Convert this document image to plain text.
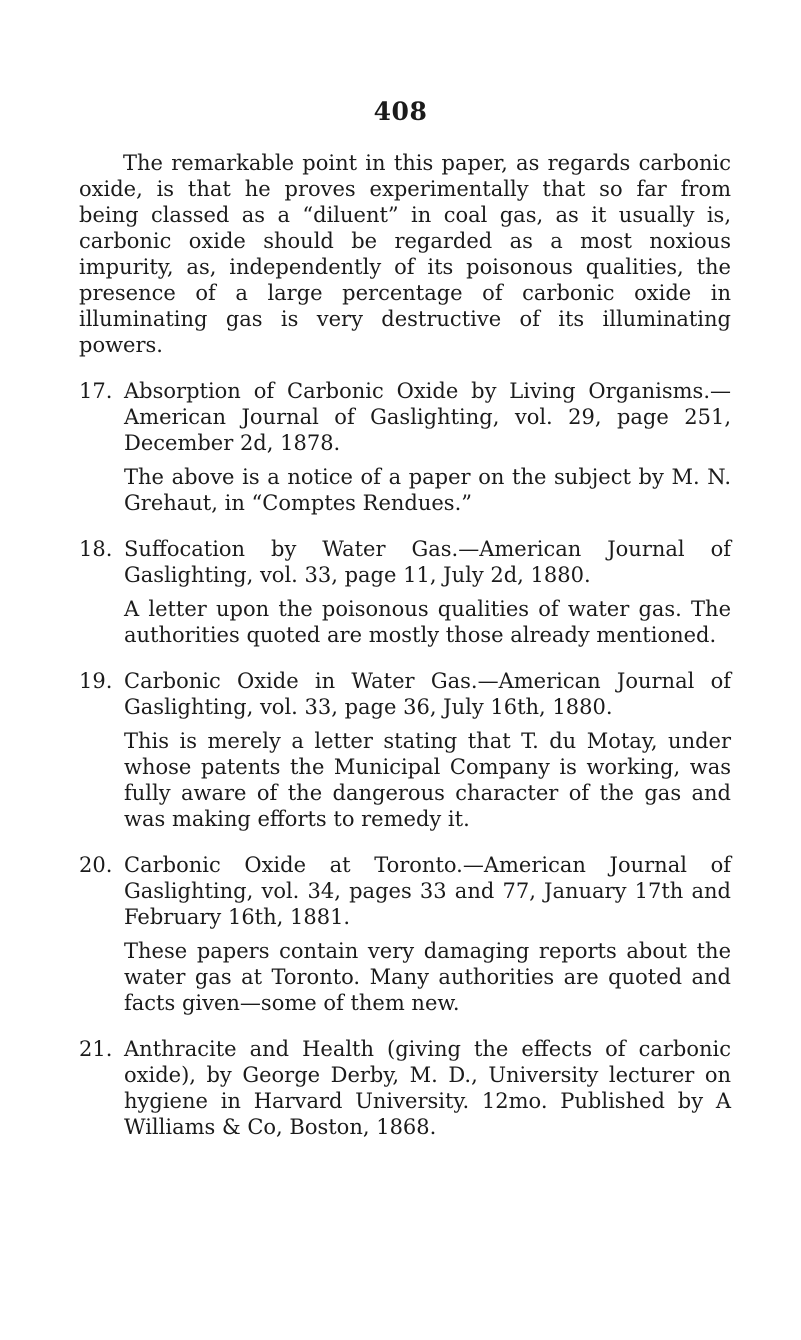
408

The remarkable point in this paper, as regards carbonic oxide, is that he proves experimentally that so far from being classed as a “diluent” in coal gas, as it usually is, carbonic oxide should be regarded as a most noxious impurity, as, independently of its poisonous qualities, the presence of a large percentage of carbonic oxide in illuminating gas is very destructive of its illuminating powers.

17. Absorption of Carbonic Oxide by Living Organisms.—American Journal of Gaslighting, vol. 29, page 251, December 2d, 1878.

The above is a notice of a paper on the subject by M. N. Grehaut, in “Comptes Rendues.”

18. Suffocation by Water Gas.—American Journal of Gaslighting, vol. 33, page 11, July 2d, 1880.

A letter upon the poisonous qualities of water gas. The authorities quoted are mostly those already mentioned.

19. Carbonic Oxide in Water Gas.—American Journal of Gaslighting, vol. 33, page 36, July 16th, 1880.

This is merely a letter stating that T. du Motay, under whose patents the Municipal Company is working, was fully aware of the dangerous character of the gas and was making efforts to remedy it.

20. Carbonic Oxide at Toronto.—American Journal of Gaslighting, vol. 34, pages 33 and 77, January 17th and February 16th, 1881.

These papers contain very damaging reports about the water gas at Toronto. Many authorities are quoted and facts given—some of them new.

21. Anthracite and Health (giving the effects of carbonic oxide), by George Derby, M. D., University lecturer on hygiene in Harvard University. 12mo. Published by A Williams & Co, Boston, 1868.
